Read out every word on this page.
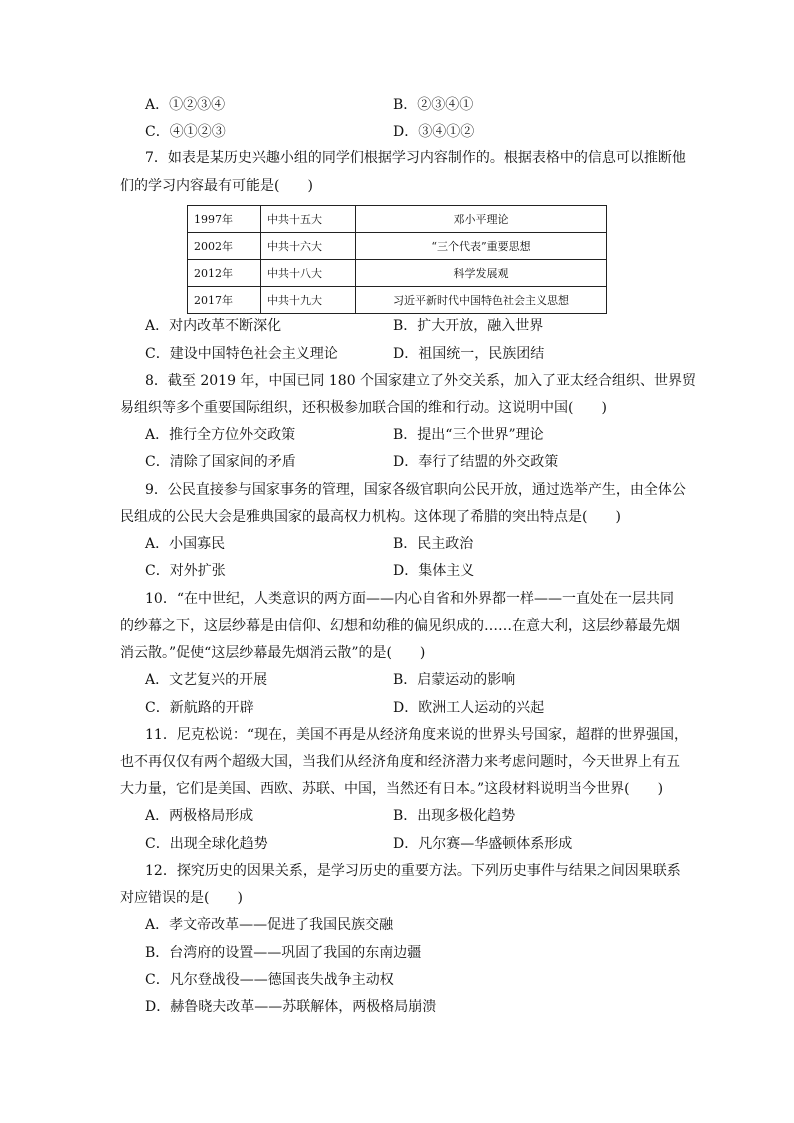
A．①②③④	B．②③④①
C．④①②③	D．③④①②
7．如表是某历史兴趣小组的同学们根据学习内容制作的。根据表格中的信息可以推断他
们的学习内容最有可能是(　　)
1997年	中共十五大	邓小平理论
2002年	中共十六大	“三个代表”重要思想
2012年	中共十八大	科学发展观
2017年	中共十九大	习近平新时代中国特色社会主义思想
A．对内改革不断深化	B．扩大开放，融入世界
C．建设中国特色社会主义理论	D．祖国统一，民族团结
8．截至 2019 年，中国已同 180 个国家建立了外交关系，加入了亚太经合组织、世界贸
易组织等多个重要国际组织，还积极参加联合国的维和行动。这说明中国(　　)
A．推行全方位外交政策	B．提出“三个世界”理论
C．清除了国家间的矛盾	D．奉行了结盟的外交政策
9．公民直接参与国家事务的管理，国家各级官职向公民开放，通过选举产生，由全体公
民组成的公民大会是雅典国家的最高权力机构。这体现了希腊的突出特点是(　　)
A．小国寡民	B．民主政治
C．对外扩张	D．集体主义
10．“在中世纪，人类意识的两方面——内心自省和外界都一样——一直处在一层共同
的纱幕之下，这层纱幕是由信仰、幻想和幼稚的偏见织成的……在意大利，这层纱幕最先烟
消云散。”促使“这层纱幕最先烟消云散”的是(　　)
A．文艺复兴的开展	B．启蒙运动的影响
C．新航路的开辟	D．欧洲工人运动的兴起
11．尼克松说：“现在，美国不再是从经济角度来说的世界头号国家，超群的世界强国，
也不再仅仅有两个超级大国，当我们从经济角度和经济潜力来考虑问题时，今天世界上有五
大力量，它们是美国、西欧、苏联、中国，当然还有日本。”这段材料说明当今世界(　　)
A．两极格局形成	B．出现多极化趋势
C．出现全球化趋势	D．凡尔赛—华盛顿体系形成
12．探究历史的因果关系，是学习历史的重要方法。下列历史事件与结果之间因果联系
对应错误的是(　　)
A．孝文帝改革——促进了我国民族交融
B．台湾府的设置——巩固了我国的东南边疆
C．凡尔登战役——德国丧失战争主动权
D．赫鲁晓夫改革——苏联解体，两极格局崩溃
